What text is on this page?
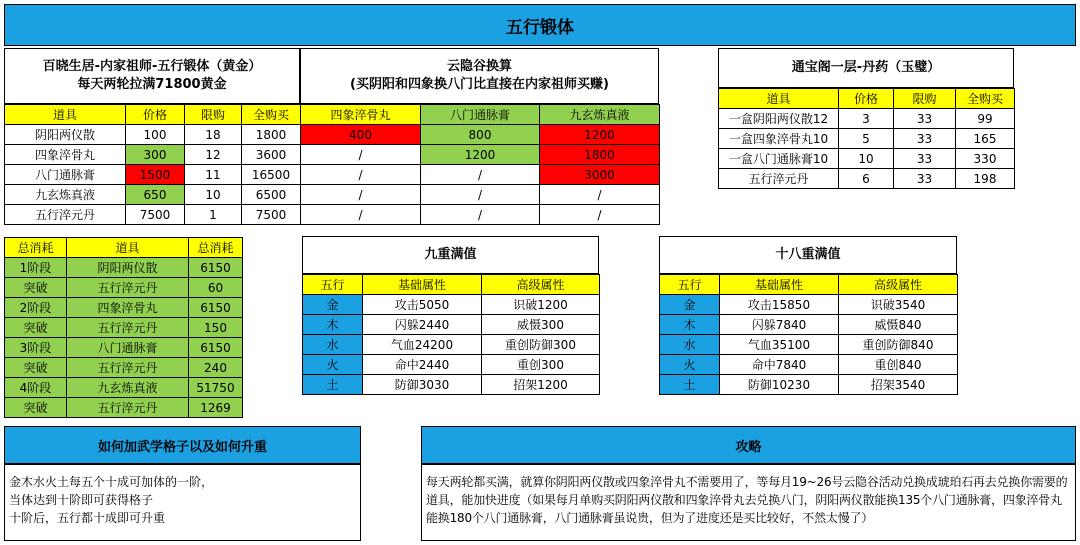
五行锻体
百晓生居-内家祖师-五行锻体（黄金）
每天两轮拉满71800黄金
云隐谷换算
(买阴阳和四象换八门比直接在内家祖师买赚)
通宝阁一层-丹药（玉璧）
道具	价格	限购	全购买
阴阳两仪散	100	18	1800
四象淬骨丸	300	12	3600
八门通脉膏	1500	11	16500
九玄炼真液	650	10	6500
五行淬元丹	7500	1	7500
四象淬骨丸	八门通脉膏	九玄炼真液
400	800	1200
/	1200	1800
/	/	3000
/	/	/
/	/	/
道具	价格	限购	全购买
一盒阴阳两仪散12	3	33	99
一盒四象淬骨丸10	5	33	165
一盒八门通脉膏10	10	33	330
五行淬元丹	6	33	198
总消耗	道具	总消耗
1阶段	阴阳两仪散	6150
突破	五行淬元丹	60
2阶段	四象淬骨丸	6150
突破	五行淬元丹	150
3阶段	八门通脉膏	6150
突破	五行淬元丹	240
4阶段	九玄炼真液	51750
突破	五行淬元丹	1269
九重满值
五行	基础属性	高级属性
金	攻击5050	识破1200
木	闪躲2440	威慑300
水	气血24200	重创防御300
火	命中2440	重创300
土	防御3030	招架1200
十八重满值
五行	基础属性	高级属性
金	攻击15850	识破3540
木	闪躲7840	威慑840
水	气血35100	重创防御840
火	命中7840	重创840
土	防御10230	招架3540
如何加武学格子以及如何升重
金木水火土每五个十成可加体的一阶，
当体达到十阶即可获得格子
十阶后，五行都十成即可升重
攻略
每天两轮都买满，就算你阴阳两仪散或四象淬骨丸不需要用了，等每月19~26号云隐谷活动兑换成琥珀石再去兑换你需要的道具，能加快进度（如果每月单购买阴阳两仪散和四象淬骨丸去兑换八门，阴阳两仪散能换135个八门通脉膏，四象淬骨丸能换180个八门通脉膏，八门通脉膏虽说贵，但为了进度还是买比较好，不然太慢了）
